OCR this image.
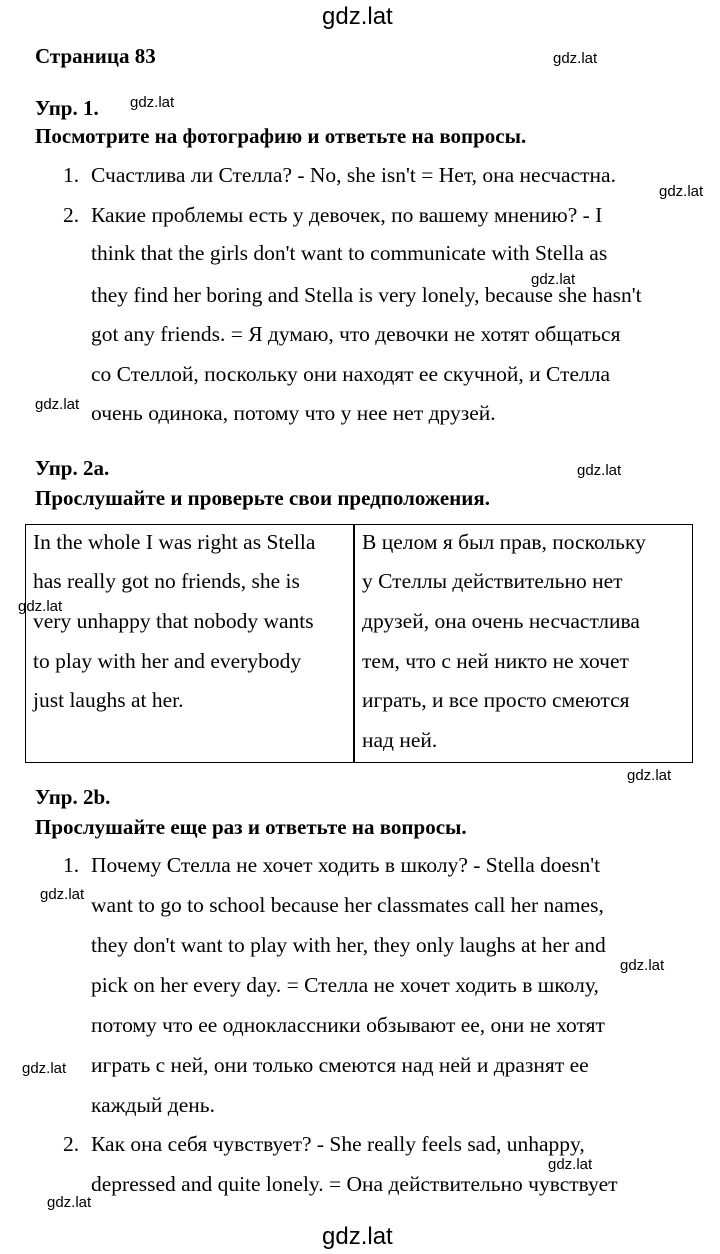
gdz.lat
gdz.lat
gdz.lat
gdz.lat
gdz.lat
gdz.lat
gdz.lat
gdz.lat
gdz.lat
gdz.lat
gdz.lat
gdz.lat
gdz.lat
gdz.lat
gdz.lat
Страница 83
Упр. 1.
Посмотрите на фотографию и ответьте на вопросы.
1. Счастлива ли Стелла? - No, she isn't = Нет, она несчастна.
2. Какие проблемы есть у девочек, по вашему мнению? - I
think that the girls don't want to communicate with Stella as
they find her boring and Stella is very lonely, because she hasn't
got any friends. = Я думаю, что девочки не хотят общаться
со Стеллой, поскольку они находят ее скучной, и Стелла
очень одинока, потому что у нее нет друзей.
Упр. 2а.
Прослушайте и проверьте свои предположения.
In the whole I was right as Stella
has really got no friends, she is
very unhappy that nobody wants
to play with her and everybody
just laughs at her.
В целом я был прав, поскольку
у Стеллы действительно нет
друзей, она очень несчастлива
тем, что с ней никто не хочет
играть, и все просто смеются
над ней.
Упр. 2b.
Прослушайте еще раз и ответьте на вопросы.
1. Почему Стелла не хочет ходить в школу? - Stella doesn't
want to go to school because her classmates call her names,
they don't want to play with her, they only laughs at her and
pick on her every day. = Стелла не хочет ходить в школу,
потому что ее одноклассники обзывают ее, они не хотят
играть с ней, они только смеются над ней и дразнят ее
каждый день.
2. Как она себя чувствует? - She really feels sad, unhappy,
depressed and quite lonely. = Она действительно чувствует
